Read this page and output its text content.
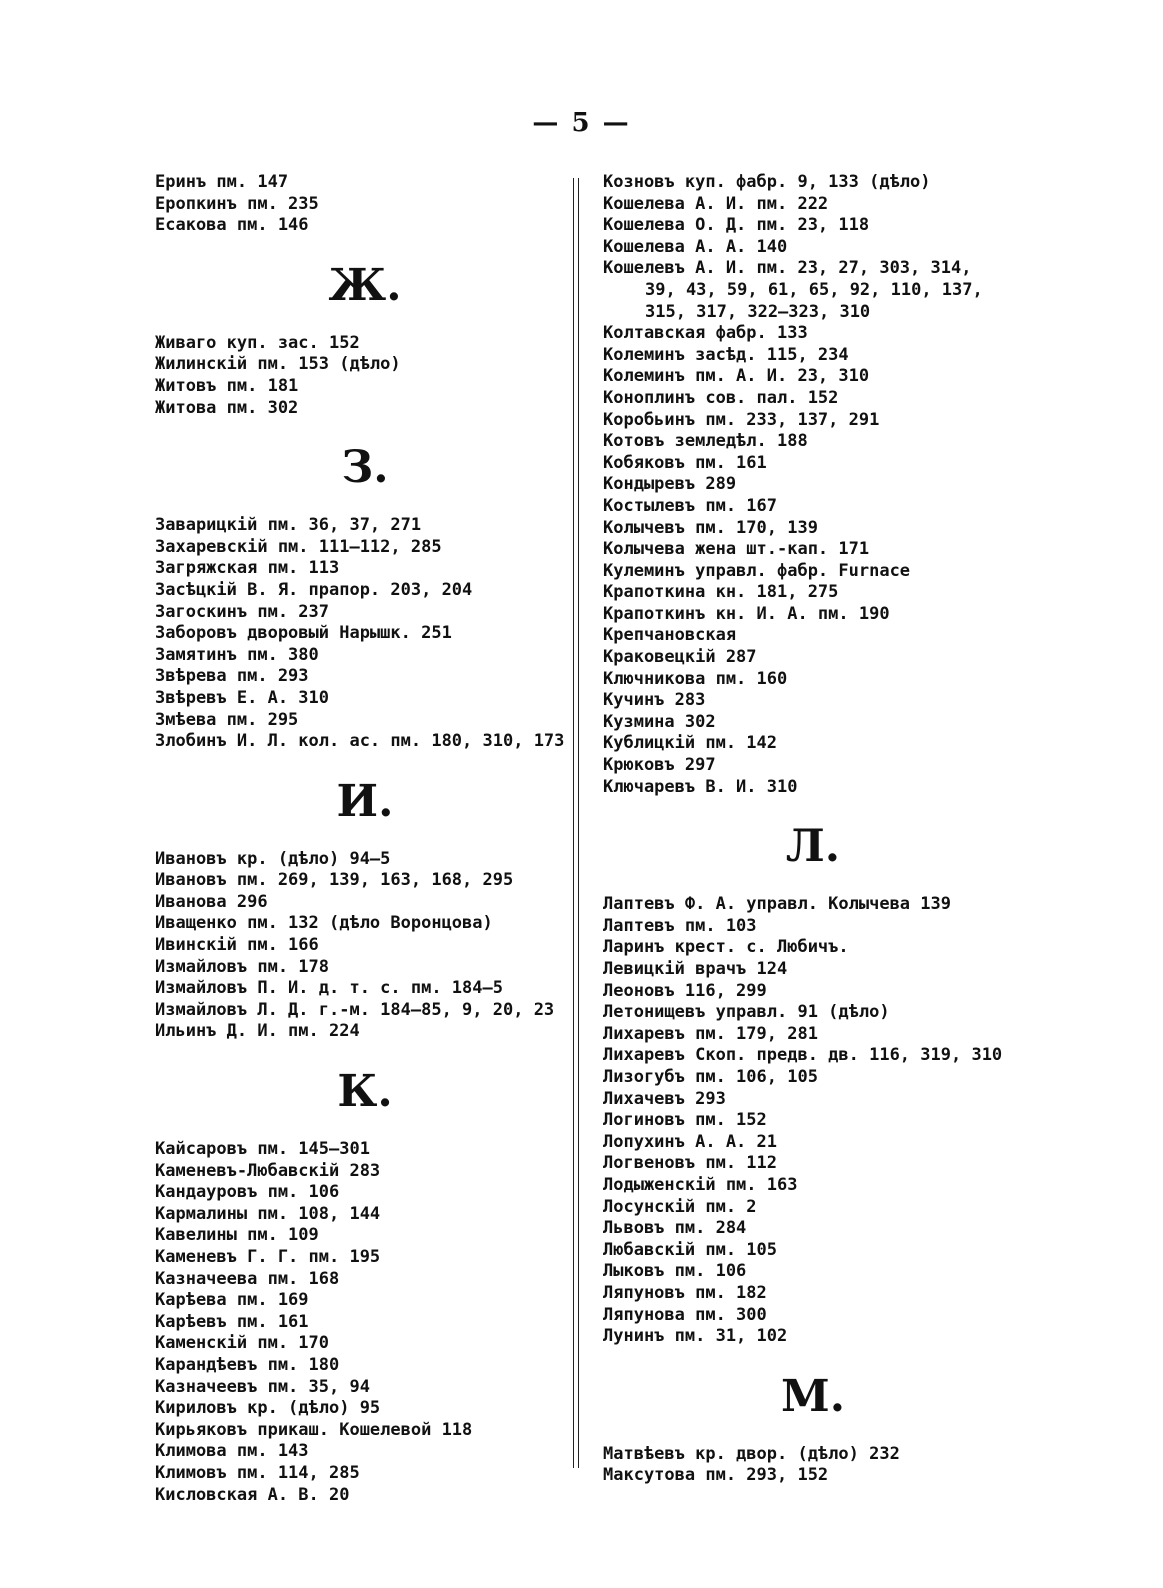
— 5 —
Еринъ пм. 147
Еропкинъ пм. 235
Есакова пм. 146
Ж.
Живаго куп. зас. 152
Жилинскій пм. 153 (дѣло)
Житовъ пм. 181
Житова пм. 302
З.
Заварицкій пм. 36, 37, 271
Захаревскій пм. 111—112, 285
Загряжская пм. 113
Засѣцкій В. Я. прапор. 203, 204
Загоскинъ пм. 237
Заборовъ дворовый Нарышк. 251
Замятинъ пм. 380
Звѣрева пм. 293
Звѣревъ Е. А. 310
Змѣева пм. 295
Злобинъ И. Л. кол. ас. пм. 180, 310, 173
И.
Ивановъ кр. (дѣло) 94—5
Ивановъ пм. 269, 139, 163, 168, 295
Иванова 296
Иващенко пм. 132 (дѣло Воронцова)
Ивинскій пм. 166
Измайловъ пм. 178
Измайловъ П. И. д. т. с. пм. 184—5
Измайловъ Л. Д. г.-м. 184—85, 9, 20, 23
Ильинъ Д. И. пм. 224
К.
Кайсаровъ пм. 145—301
Каменевъ-Любавскій 283
Кандауровъ пм. 106
Кармалины пм. 108, 144
Кавелины пм. 109
Каменевъ Г. Г. пм. 195
Казначеева пм. 168
Карѣева пм. 169
Карѣевъ пм. 161
Каменскій пм. 170
Карандѣевъ пм. 180
Казначеевъ пм. 35, 94
Кириловъ кр. (дѣло) 95
Кирьяковъ прикаш. Кошелевой 118
Климова пм. 143
Климовъ пм. 114, 285
Кисловская А. В. 20
Козновъ куп. фабр. 9, 133 (дѣло)
Кошелева А. И. пм. 222
Кошелева О. Д. пм. 23, 118
Кошелева А. А. 140
Кошелевъ А. И. пм. 23, 27, 303, 314,
39, 43, 59, 61, 65, 92, 110, 137,
315, 317, 322—323, 310
Колтавская фабр. 133
Колеминъ засѣд. 115, 234
Колеминъ пм. А. И. 23, 310
Коноплинъ сов. пал. 152
Коробьинъ пм. 233, 137, 291
Котовъ земледѣл. 188
Кобяковъ пм. 161
Кондыревъ 289
Костылевъ пм. 167
Колычевъ пм. 170, 139
Колычева жена шт.-кап. 171
Кулеминъ управл. фабр. Furnace
Крапоткина кн. 181, 275
Крапоткинъ кн. И. А. пм. 190
Крепчановская
Краковецкій 287
Ключникова пм. 160
Кучинъ 283
Кузмина 302
Кублицкій пм. 142
Крюковъ 297
Ключаревъ В. И. 310
Л.
Лаптевъ Ф. А. управл. Колычева 139
Лаптевъ пм. 103
Ларинъ крест. с. Любичъ.
Левицкій врачъ 124
Леоновъ 116, 299
Летонищевъ управл. 91 (дѣло)
Лихаревъ пм. 179, 281
Лихаревъ Скоп. предв. дв. 116, 319, 310
Лизогубъ пм. 106, 105
Лихачевъ 293
Логиновъ пм. 152
Лопухинъ А. А. 21
Логвеновъ пм. 112
Лодыженскій пм. 163
Лосунскій пм. 2
Львовъ пм. 284
Любавскій пм. 105
Лыковъ пм. 106
Ляпуновъ пм. 182
Ляпунова пм. 300
Лунинъ пм. 31, 102
М.
Матвѣевъ кр. двор. (дѣло) 232
Максутова пм. 293, 152
